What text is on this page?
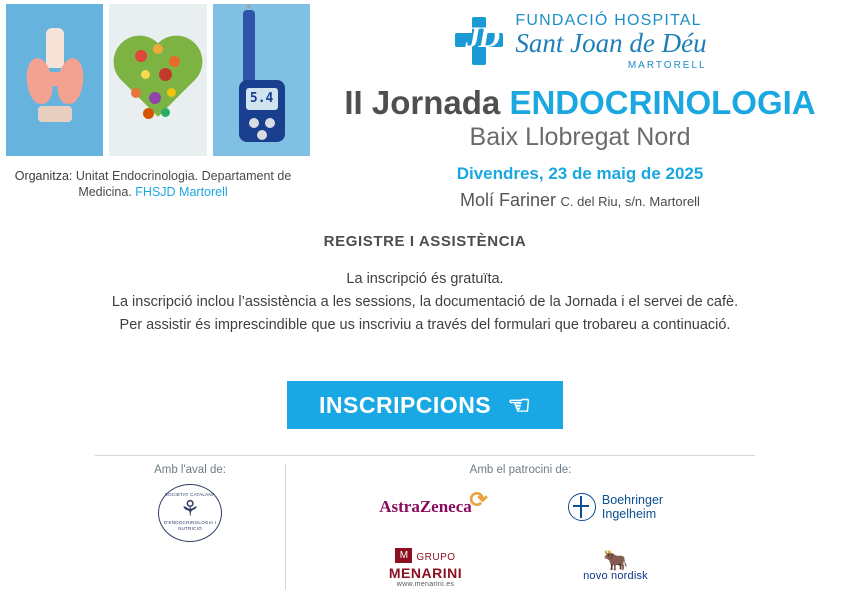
5.4
Organitza: Unitat Endocrinologia. Departament de Medicina. FHSJD Martorell
JD
FUNDACIÓ HOSPITAL
Sant Joan de Déu
MARTORELL
II Jornada ENDOCRINOLOGIA
Baix Llobregat Nord
Divendres, 23 de maig de 2025
Molí Fariner C. del Riu, s/n. Martorell
REGISTRE I ASSISTÈNCIA
La inscripció és gratuïta.
La inscripció inclou l’assistència a les sessions, la documentació de la Jornada i el servei de cafè.
Per assistir és imprescindible que us inscriviu a través del formulari que trobareu a continuació.
INSCRIPCIONS ☞
Amb l'aval de:
SOCIETAT CATALANA
⚘
D'ENDOCRINOLOGIA I NUTRICIÓ
Amb el patrocini de:
AstraZeneca
⟳	Boehringer
Ingelheim
M GRUPO
MENARINI
www.menarini.es
🐂
novo nordisk
